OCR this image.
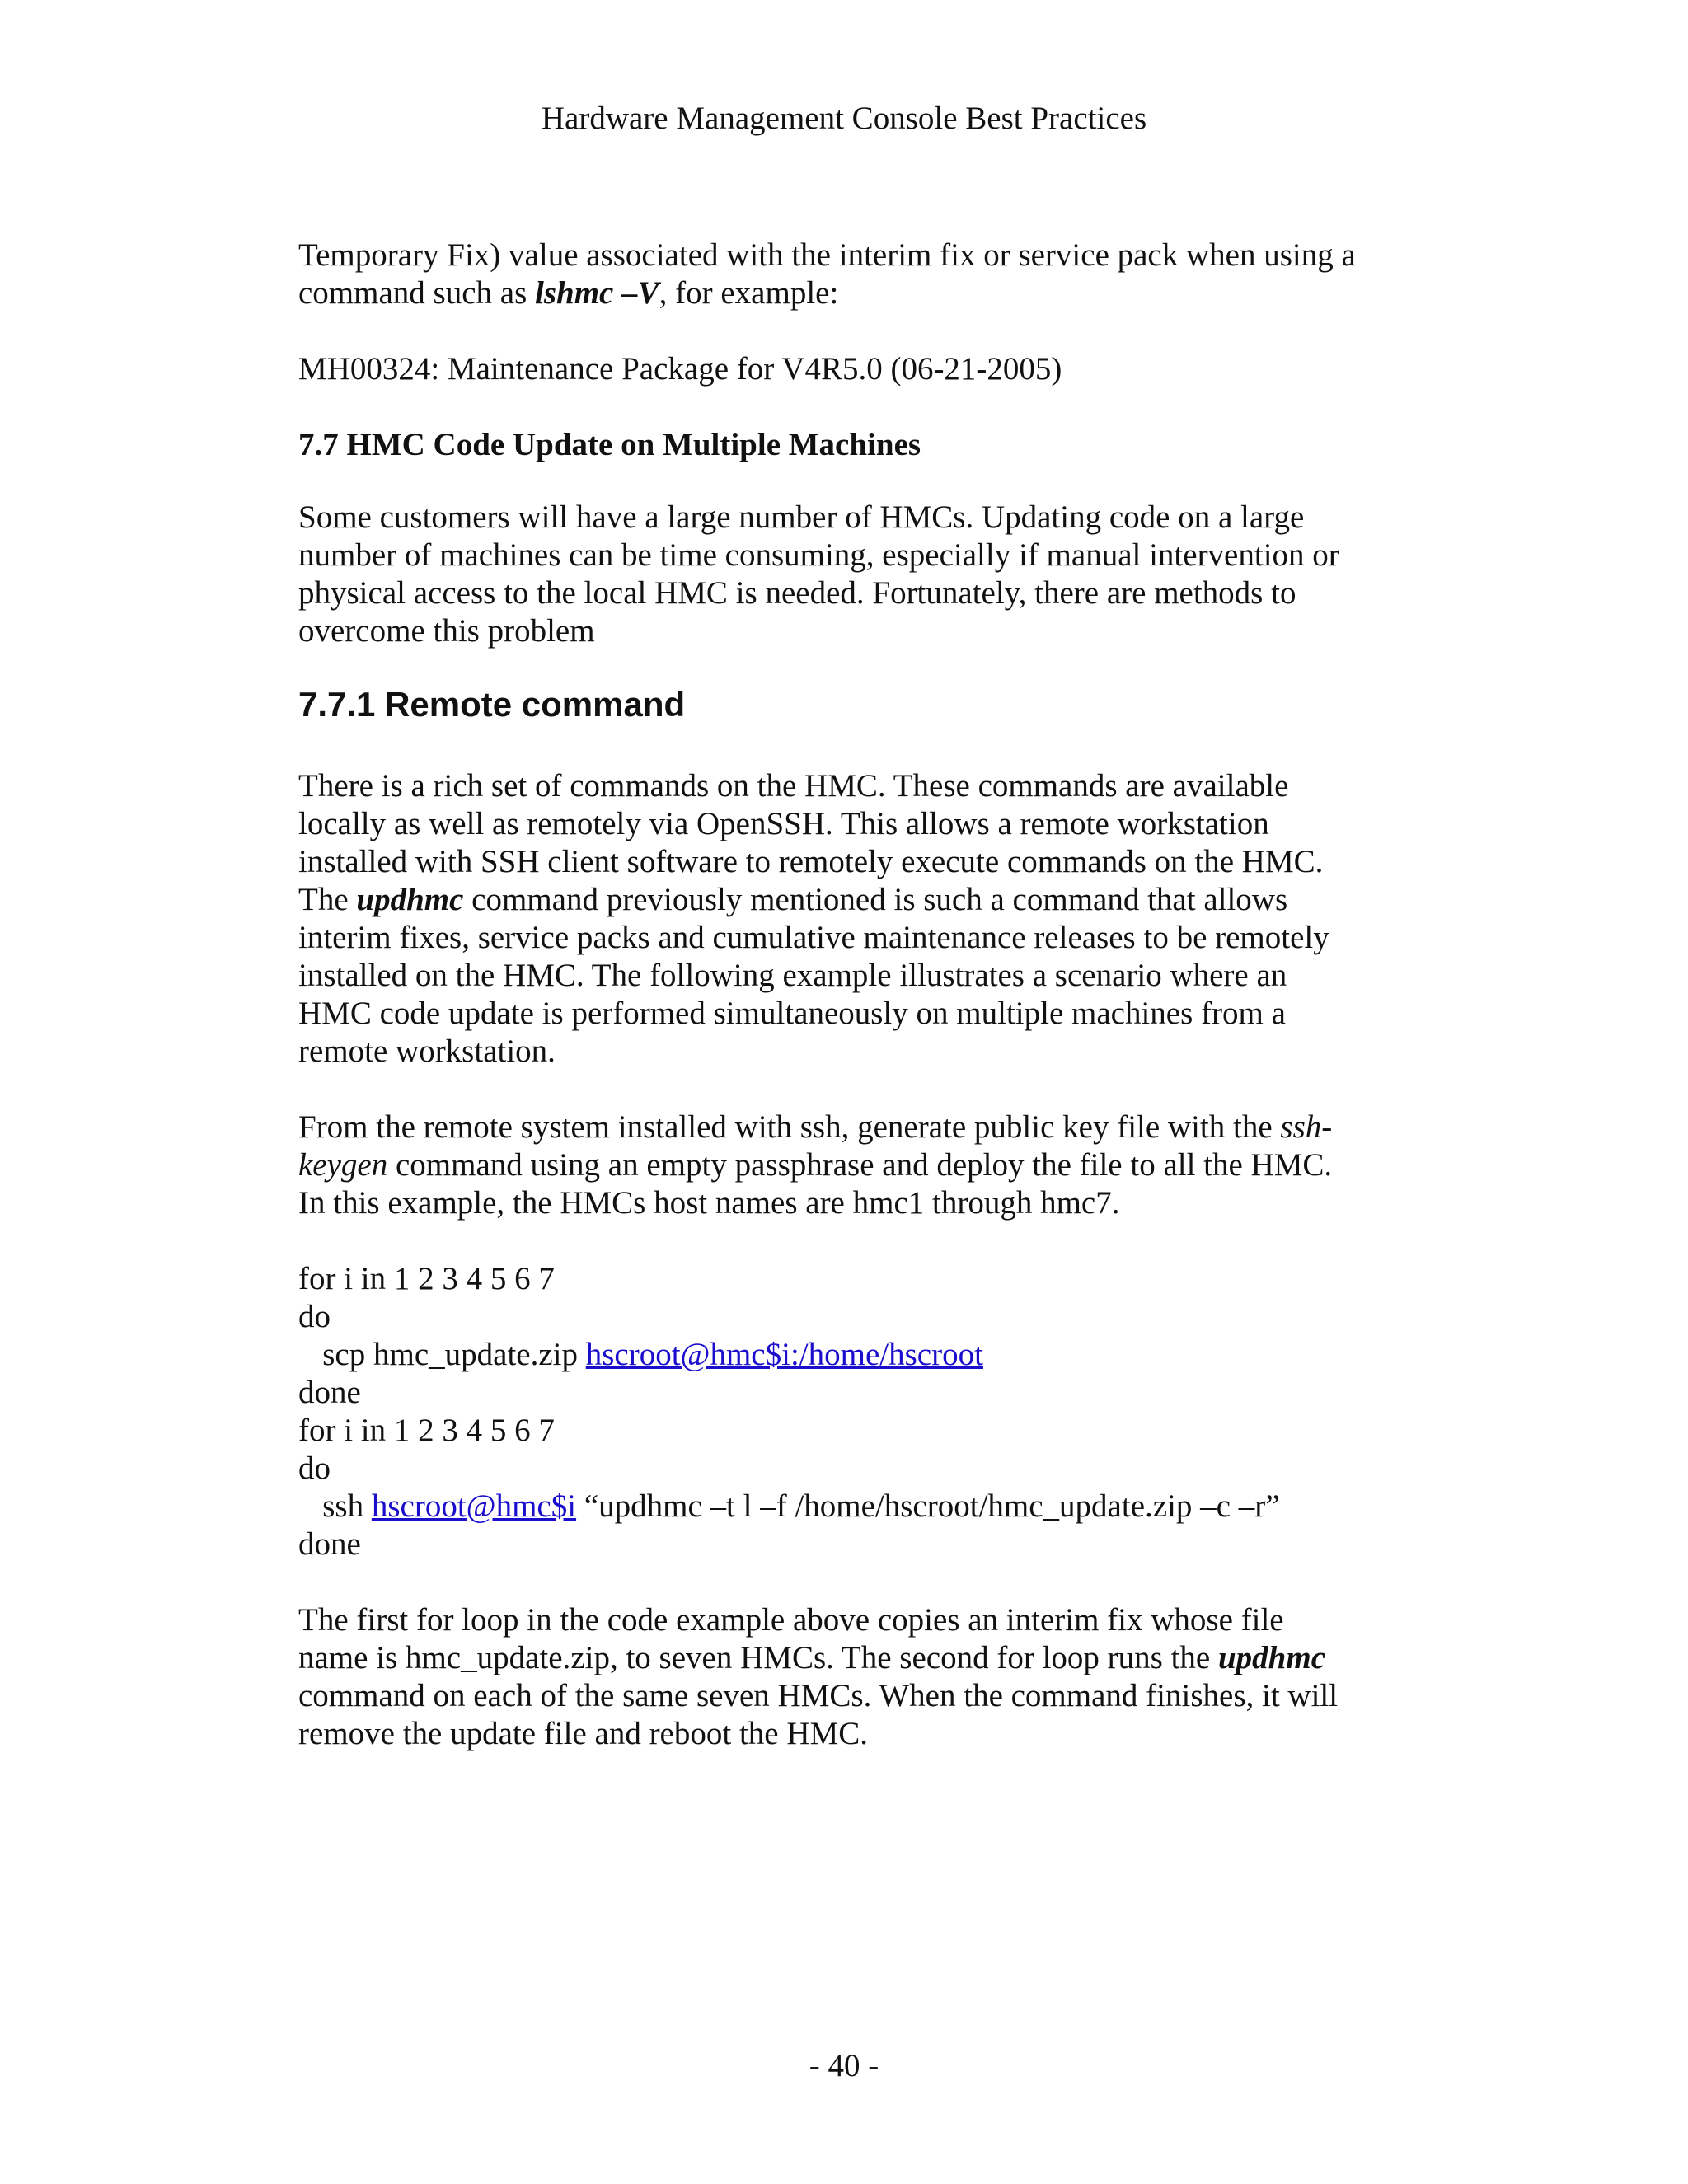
Hardware Management Console Best Practices

Temporary Fix) value associated with the interim fix or service pack when using a
command such as lshmc –V, for example:

MH00324: Maintenance Package for V4R5.0 (06-21-2005)

7.7 HMC Code Update on Multiple Machines

Some customers will have a large number of HMCs. Updating code on a large
number of machines can be time consuming, especially if manual intervention or
physical access to the local HMC is needed. Fortunately, there are methods to
overcome this problem

7.7.1 Remote command

There is a rich set of commands on the HMC. These commands are available
locally as well as remotely via OpenSSH. This allows a remote workstation
installed with SSH client software to remotely execute commands on the HMC.
The updhmc command previously mentioned is such a command that allows
interim fixes, service packs and cumulative maintenance releases to be remotely
installed on the HMC. The following example illustrates a scenario where an
HMC code update is performed simultaneously on multiple machines from a
remote workstation.

From the remote system installed with ssh, generate public key file with the ssh-
keygen command using an empty passphrase and deploy the file to all the HMC.
In this example, the HMCs host names are hmc1 through hmc7.

for i in 1 2 3 4 5 6 7
do
scp hmc_update.zip hscroot@hmc$i:/home/hscroot
done
for i in 1 2 3 4 5 6 7
do
ssh hscroot@hmc$i “updhmc –t l –f /home/hscroot/hmc_update.zip –c –r”
done

The first for loop in the code example above copies an interim fix whose file
name is hmc_update.zip, to seven HMCs. The second for loop runs the updhmc
command on each of the same seven HMCs. When the command finishes, it will
remove the update file and reboot the HMC.

- 40 -
